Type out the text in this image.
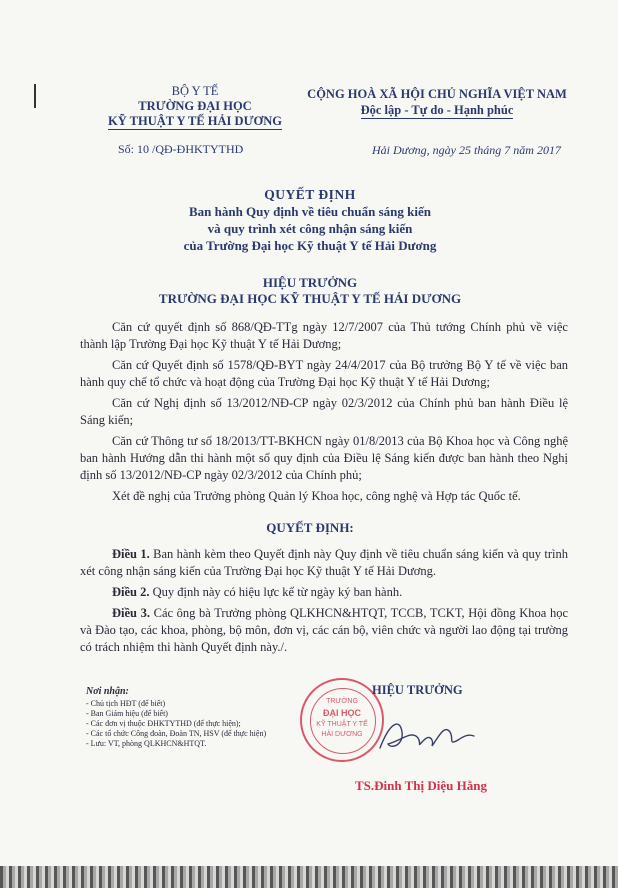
BỘ Y TẾ
TRƯỜNG ĐẠI HỌC
KỸ THUẬT Y TẾ HẢI DƯƠNG
Số: 10 /QĐ-ĐHKTYTHD
CỘNG HOÀ XÃ HỘI CHỦ NGHĨA VIỆT NAM
Độc lập - Tự do - Hạnh phúc
Hải Dương, ngày 25 tháng 7 năm 2017
QUYẾT ĐỊNH
Ban hành Quy định về tiêu chuẩn sáng kiến
và quy trình xét công nhận sáng kiến
của Trường Đại học Kỹ thuật Y tế Hải Dương
HIỆU TRƯỞNG
TRƯỜNG ĐẠI HỌC KỸ THUẬT Y TẾ HẢI DƯƠNG

Căn cứ quyết định số 868/QĐ-TTg ngày 12/7/2007 của Thủ tướng Chính phủ về việc thành lập Trường Đại học Kỹ thuật Y tế Hải Dương;

Căn cứ Quyết định số 1578/QĐ-BYT ngày 24/4/2017 của Bộ trưởng Bộ Y tế về việc ban hành quy chế tổ chức và hoạt động của Trường Đại học Kỹ thuật Y tế Hải Dương;

Căn cứ Nghị định số 13/2012/NĐ-CP ngày 02/3/2012 của Chính phủ ban hành Điều lệ Sáng kiến;

Căn cứ Thông tư số 18/2013/TT-BKHCN ngày 01/8/2013 của Bộ Khoa học và Công nghệ ban hành Hướng dẫn thi hành một số quy định của Điều lệ Sáng kiến được ban hành theo Nghị định số 13/2012/NĐ-CP ngày 02/3/2012 của Chính phủ;

Xét đề nghị của Trưởng phòng Quản lý Khoa học, công nghệ và Hợp tác Quốc tế.

QUYẾT ĐỊNH:

Điều 1. Ban hành kèm theo Quyết định này Quy định về tiêu chuẩn sáng kiến và quy trình xét công nhận sáng kiến của Trường Đại học Kỹ thuật Y tế Hải Dương.

Điều 2. Quy định này có hiệu lực kể từ ngày ký ban hành.

Điều 3. Các ông bà Trưởng phòng QLKHCN&HTQT, TCCB, TCKT, Hội đồng Khoa học và Đào tạo, các khoa, phòng, bộ môn, đơn vị, các cán bộ, viên chức và người lao động tại trường có trách nhiệm thi hành Quyết định này./.

Nơi nhận:
- Chủ tịch HĐT (để biết)
- Ban Giám hiệu (để biết)
- Các đơn vị thuộc ĐHKTYTHD (để thực hiện);
- Các tổ chức Công đoàn, Đoàn TN, HSV (để thực hiện)
- Lưu: VT, phòng QLKHCN&HTQT.
TRƯỜNG
ĐẠI HỌC
KỸ THUẬT Y TẾ
HẢI DƯƠNG
HIỆU TRƯỞNG
TS.Đinh Thị Diệu Hằng
